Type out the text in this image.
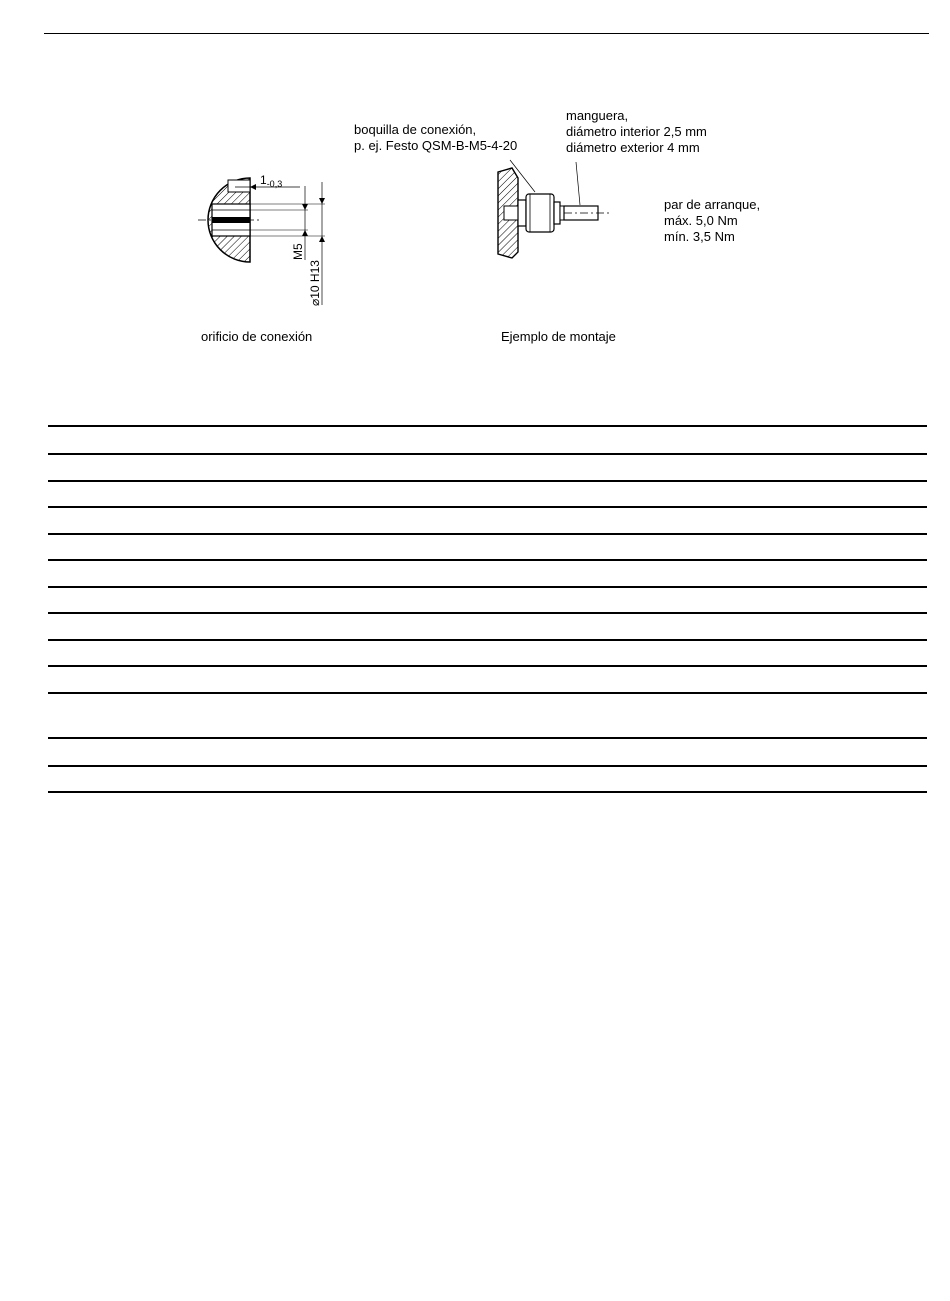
$1_{-0,3}$
M5
⌀10 H13
orificio de conexión
boquilla de conexión,
p. ej. Festo QSM-B-M5-4-20
manguera,
diámetro interior 2,5 mm
diámetro exterior 4 mm
par de arranque,
máx. 5,0 Nm
mín. 3,5 Nm
Ejemplo de montaje
